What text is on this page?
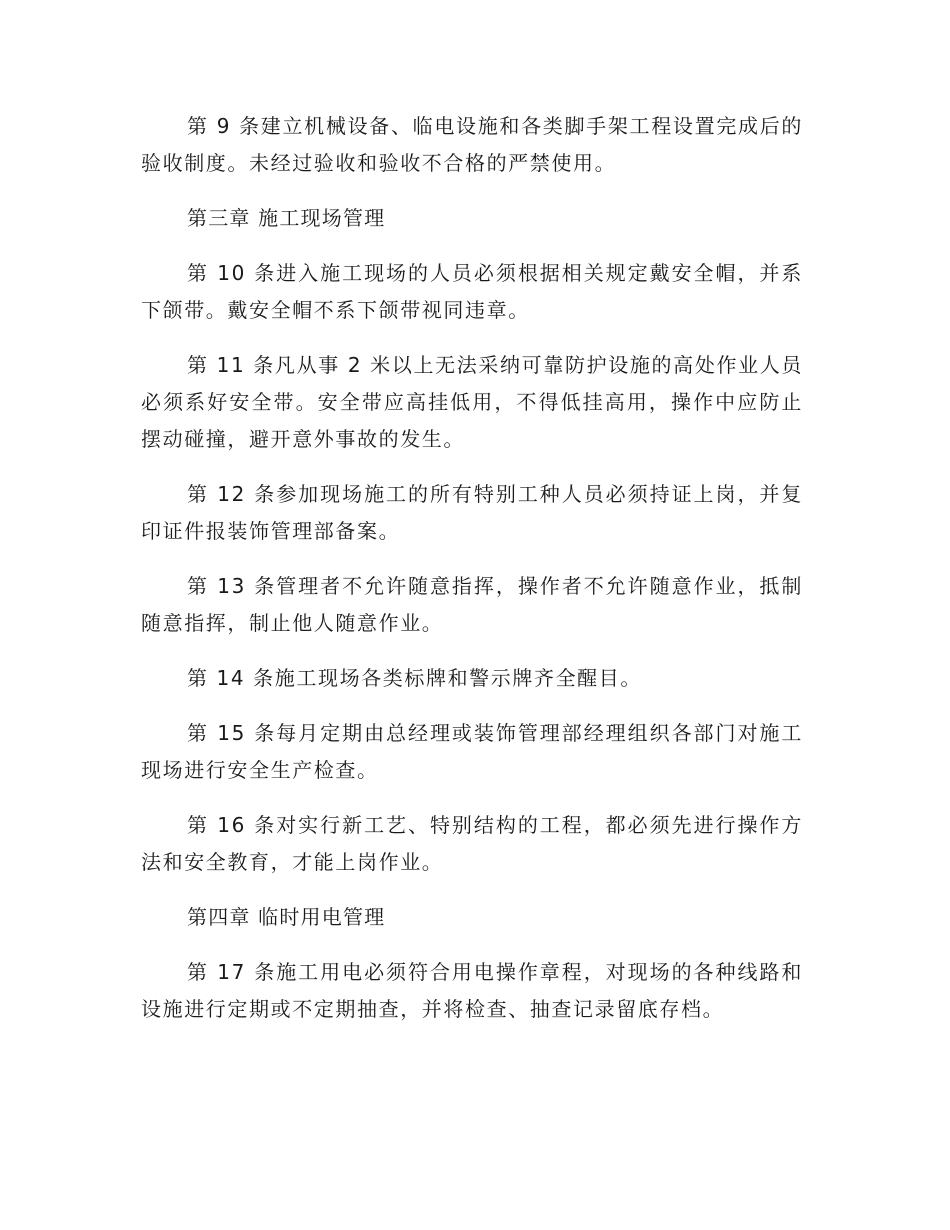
第 9 条建立机械设备、临电设施和各类脚手架工程设置完成后的验收制度。未经过验收和验收不合格的严禁使用。

第三章 施工现场管理

第 10 条进入施工现场的人员必须根据相关规定戴安全帽，并系下颌带。戴安全帽不系下颌带视同违章。

第 11 条凡从事 2 米以上无法采纳可靠防护设施的高处作业人员必须系好安全带。安全带应高挂低用，不得低挂高用，操作中应防止摆动碰撞，避开意外事故的发生。

第 12 条参加现场施工的所有特别工种人员必须持证上岗，并复印证件报装饰管理部备案。

第 13 条管理者不允许随意指挥，操作者不允许随意作业，抵制随意指挥，制止他人随意作业。

第 14 条施工现场各类标牌和警示牌齐全醒目。

第 15 条每月定期由总经理或装饰管理部经理组织各部门对施工现场进行安全生产检查。

第 16 条对实行新工艺、特别结构的工程，都必须先进行操作方法和安全教育，才能上岗作业。

第四章 临时用电管理

第 17 条施工用电必须符合用电操作章程，对现场的各种线路和设施进行定期或不定期抽查，并将检查、抽查记录留底存档。
